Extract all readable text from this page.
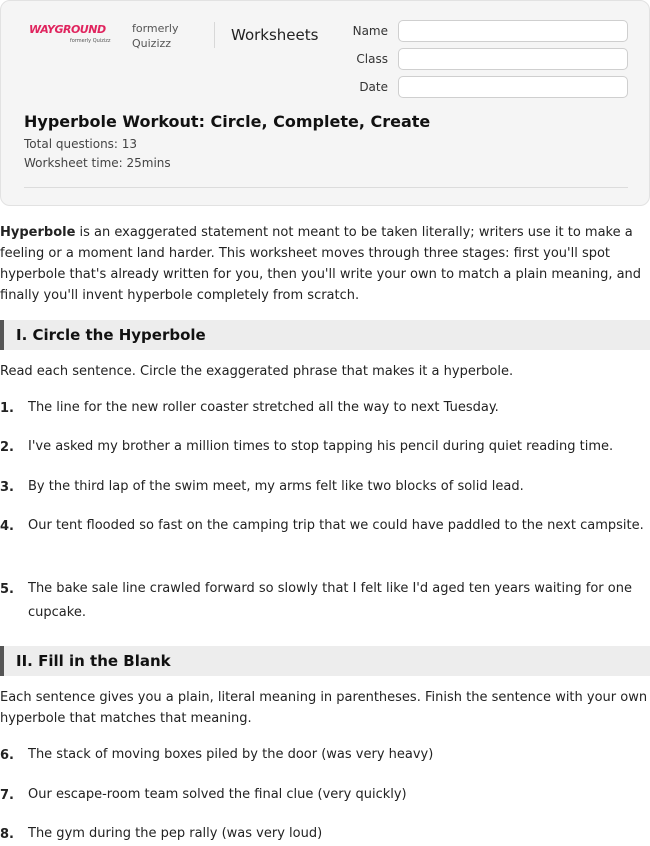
WAYGROUND
formerly Quizizz
formerly
Quizizz	Worksheets	Name
Class
Date
Hyperbole Workout: Circle, Complete, Create
Total questions: 13
Worksheet time: 25mins
Hyperbole is an exaggerated statement not meant to be taken literally; writers use it to make a feeling or a moment land harder. This worksheet moves through three stages: first you'll spot hyperbole that's already written for you, then you'll write your own to match a plain meaning, and finally you'll invent hyperbole completely from scratch.
I. Circle the Hyperbole
Read each sentence. Circle the exaggerated phrase that makes it a hyperbole.
1. The line for the new roller coaster stretched all the way to next Tuesday.
2. I've asked my brother a million times to stop tapping his pencil during quiet reading time.
3. By the third lap of the swim meet, my arms felt like two blocks of solid lead.
4. Our tent flooded so fast on the camping trip that we could have paddled to the next campsite.
5. The bake sale line crawled forward so slowly that I felt like I'd aged ten years waiting for one cupcake.
II. Fill in the Blank
Each sentence gives you a plain, literal meaning in parentheses. Finish the sentence with your own hyperbole that matches that meaning.
6. The stack of moving boxes piled by the door (was very heavy)
7. Our escape-room team solved the final clue (very quickly)
8. The gym during the pep rally (was very loud)
